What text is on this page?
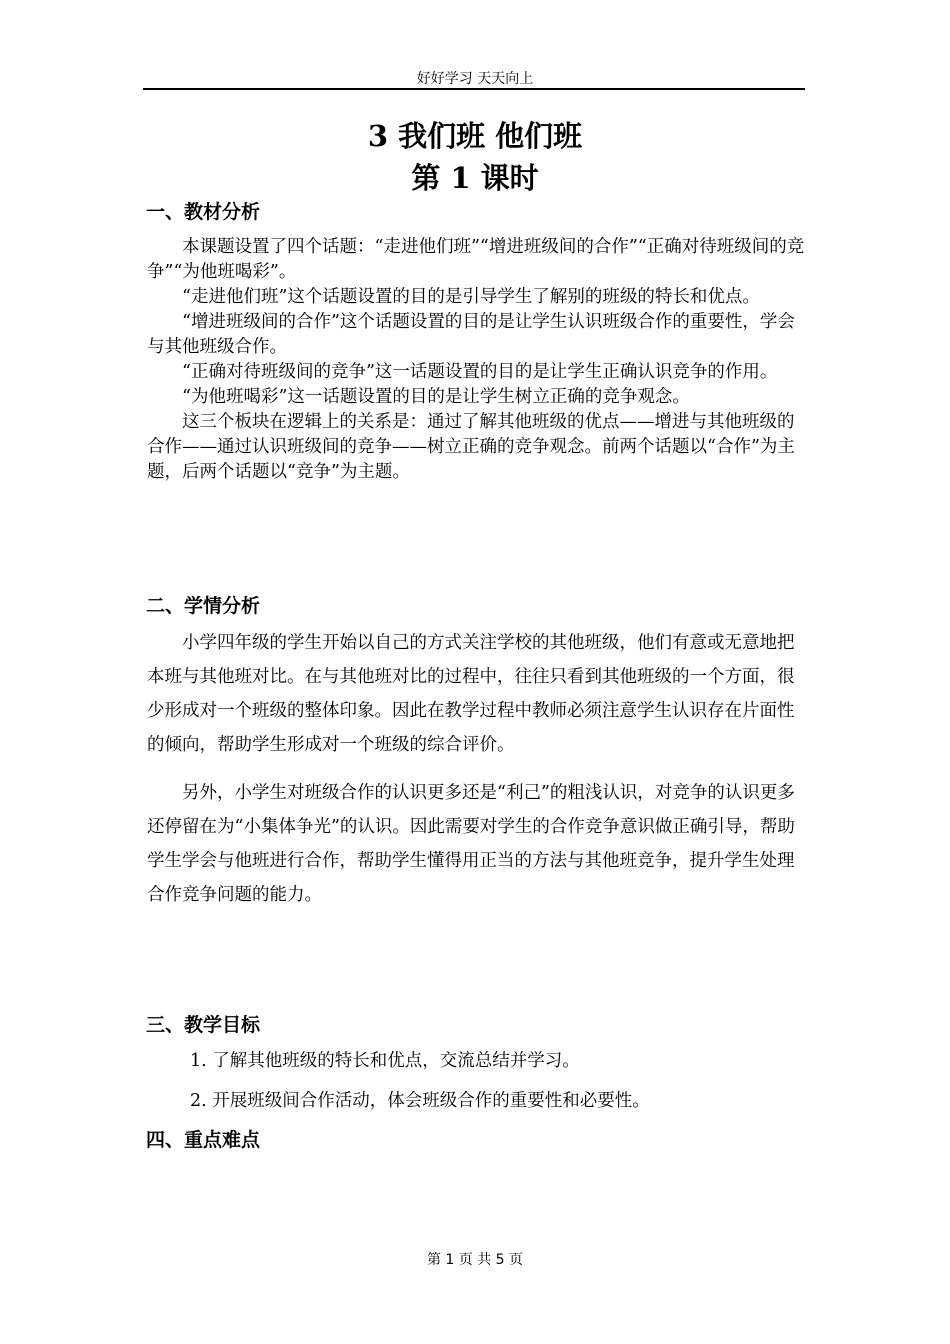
好好学习 天天向上
3 我们班 他们班
第 1 课时
一、教材分析

本课题设置了四个话题：“走进他们班”“增进班级间的合作”“正确对待班级间的竞争”“为他班喝彩”。

“走进他们班”这个话题设置的目的是引导学生了解别的班级的特长和优点。

“增进班级间的合作”这个话题设置的目的是让学生认识班级合作的重要性，学会与其他班级合作。

“正确对待班级间的竞争”这一话题设置的目的是让学生正确认识竞争的作用。

“为他班喝彩”这一话题设置的目的是让学生树立正确的竞争观念。

这三个板块在逻辑上的关系是：通过了解其他班级的优点——增进与其他班级的合作——通过认识班级间的竞争——树立正确的竞争观念。前两个话题以“合作”为主题，后两个话题以“竞争”为主题。

二、学情分析

小学四年级的学生开始以自己的方式关注学校的其他班级，他们有意或无意地把本班与其他班对比。在与其他班对比的过程中，往往只看到其他班级的一个方面，很少形成对一个班级的整体印象。因此在教学过程中教师必须注意学生认识存在片面性的倾向，帮助学生形成对一个班级的综合评价。

另外，小学生对班级合作的认识更多还是“利己”的粗浅认识，对竞争的认识更多还停留在为“小集体争光”的认识。因此需要对学生的合作竞争意识做正确引导，帮助学生学会与他班进行合作，帮助学生懂得用正当的方法与其他班竞争，提升学生处理合作竞争问题的能力。

三、教学目标
1. 了解其他班级的特长和优点，交流总结并学习。
2. 开展班级间合作活动，体会班级合作的重要性和必要性。
四、重点难点
第 1 页 共 5 页
